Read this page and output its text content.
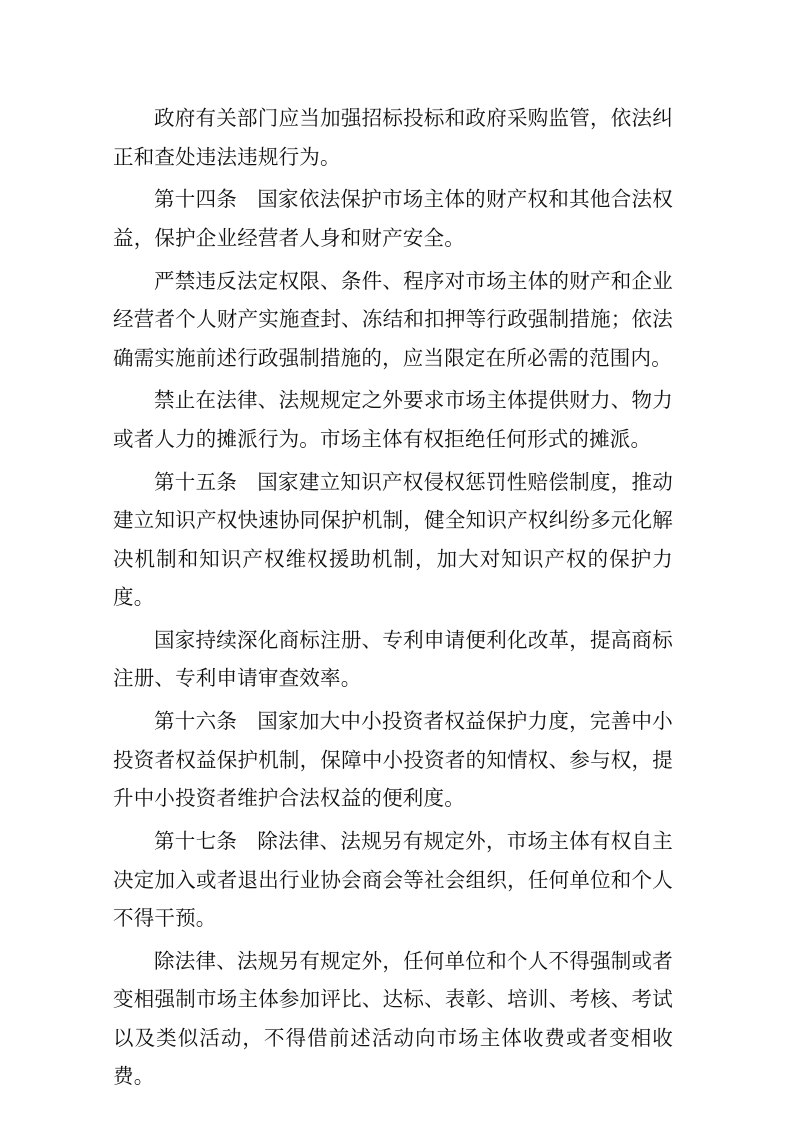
政府有关部门应当加强招标投标和政府采购监管，依法纠正和查处违法违规行为。

第十四条 国家依法保护市场主体的财产权和其他合法权益，保护企业经营者人身和财产安全。

严禁违反法定权限、条件、程序对市场主体的财产和企业经营者个人财产实施查封、冻结和扣押等行政强制措施；依法确需实施前述行政强制措施的，应当限定在所必需的范围内。

禁止在法律、法规规定之外要求市场主体提供财力、物力或者人力的摊派行为。市场主体有权拒绝任何形式的摊派。

第十五条 国家建立知识产权侵权惩罚性赔偿制度，推动建立知识产权快速协同保护机制，健全知识产权纠纷多元化解决机制和知识产权维权援助机制，加大对知识产权的保护力度。

国家持续深化商标注册、专利申请便利化改革，提高商标注册、专利申请审查效率。

第十六条 国家加大中小投资者权益保护力度，完善中小投资者权益保护机制，保障中小投资者的知情权、参与权，提升中小投资者维护合法权益的便利度。

第十七条 除法律、法规另有规定外，市场主体有权自主决定加入或者退出行业协会商会等社会组织，任何单位和个人不得干预。

除法律、法规另有规定外，任何单位和个人不得强制或者变相强制市场主体参加评比、达标、表彰、培训、考核、考试以及类似活动，不得借前述活动向市场主体收费或者变相收费。
